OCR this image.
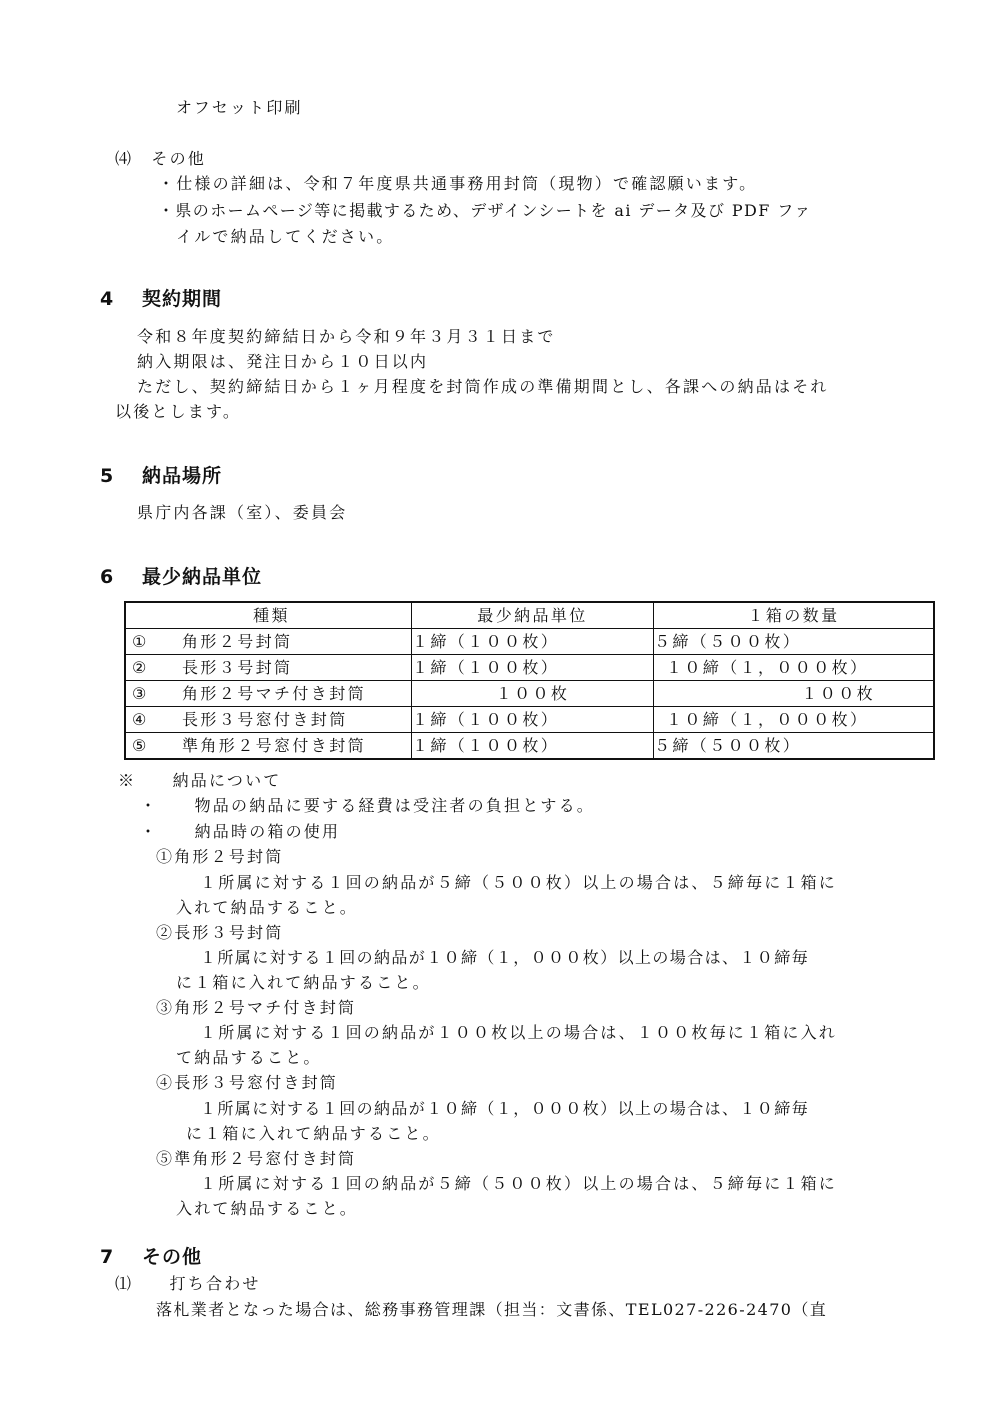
オフセット印刷
⑷　その他
・仕様の詳細は、令和７年度県共通事務用封筒（現物）で確認願います。
・県のホームページ等に掲載するため、デザインシートを ai データ及び PDF ファ
イルで納品してください。
4 契約期間
令和８年度契約締結日から令和９年３月３１日まで
納入期限は、発注日から１０日以内
ただし、契約締結日から１ヶ月程度を封筒作成の準備期間とし、各課への納品はそれ
以後とします。
5 納品場所
県庁内各課（室）、委員会
6 最少納品単位
種類	最少納品単位	１箱の数量
① 角形２号封筒	１締（１００枚）	５締（５００枚）
② 長形３号封筒	１締（１００枚）	１０締（１，０００枚）
③ 角形２号マチ付き封筒	１００枚	１００枚
④ 長形３号窓付き封筒	１締（１００枚）	１０締（１，０００枚）
⑤ 準角形２号窓付き封筒	１締（１００枚）	５締（５００枚）
※　　納品について
・　　物品の納品に要する経費は受注者の負担とする。
・　　納品時の箱の使用
①角形２号封筒
１所属に対する１回の納品が５締（５００枚）以上の場合は、５締毎に１箱に
入れて納品すること。
②長形３号封筒
１所属に対する１回の納品が１０締（１，０００枚）以上の場合は、１０締毎
に１箱に入れて納品すること。
③角形２号マチ付き封筒
１所属に対する１回の納品が１００枚以上の場合は、１００枚毎に１箱に入れ
て納品すること。
④長形３号窓付き封筒
１所属に対する１回の納品が１０締（１，０００枚）以上の場合は、１０締毎
に１箱に入れて納品すること。
⑤準角形２号窓付き封筒
１所属に対する１回の納品が５締（５００枚）以上の場合は、５締毎に１箱に
入れて納品すること。
7 その他
⑴　　打ち合わせ
落札業者となった場合は、総務事務管理課（担当：文書係、TEL027-226-2470（直
